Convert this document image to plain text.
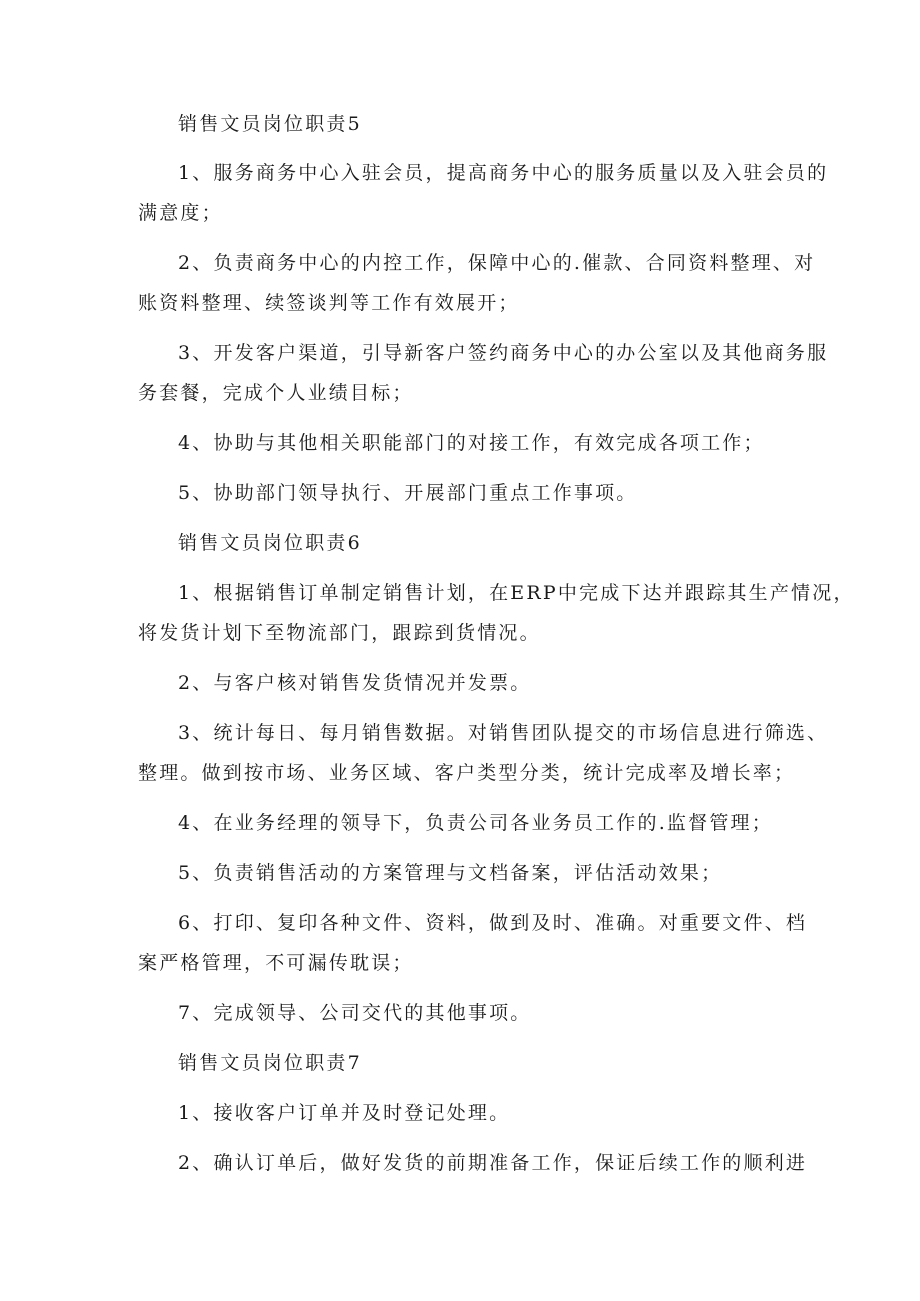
销售文员岗位职责5
1、服务商务中心入驻会员，提高商务中心的服务质量以及入驻会员的
满意度；
2、负责商务中心的内控工作，保障中心的.催款、合同资料整理、对
账资料整理、续签谈判等工作有效展开；
3、开发客户渠道，引导新客户签约商务中心的办公室以及其他商务服
务套餐，完成个人业绩目标；
4、协助与其他相关职能部门的对接工作，有效完成各项工作；
5、协助部门领导执行、开展部门重点工作事项。
销售文员岗位职责6
1、根据销售订单制定销售计划，在ERP中完成下达并跟踪其生产情况，
将发货计划下至物流部门，跟踪到货情况。
2、与客户核对销售发货情况并发票。
3、统计每日、每月销售数据。对销售团队提交的市场信息进行筛选、
整理。做到按市场、业务区域、客户类型分类，统计完成率及增长率；
4、在业务经理的领导下，负责公司各业务员工作的.监督管理；
5、负责销售活动的方案管理与文档备案，评估活动效果；
6、打印、复印各种文件、资料，做到及时、准确。对重要文件、档
案严格管理，不可漏传耽误；
7、完成领导、公司交代的其他事项。
销售文员岗位职责7
1、接收客户订单并及时登记处理。
2、确认订单后，做好发货的前期准备工作，保证后续工作的顺利进
